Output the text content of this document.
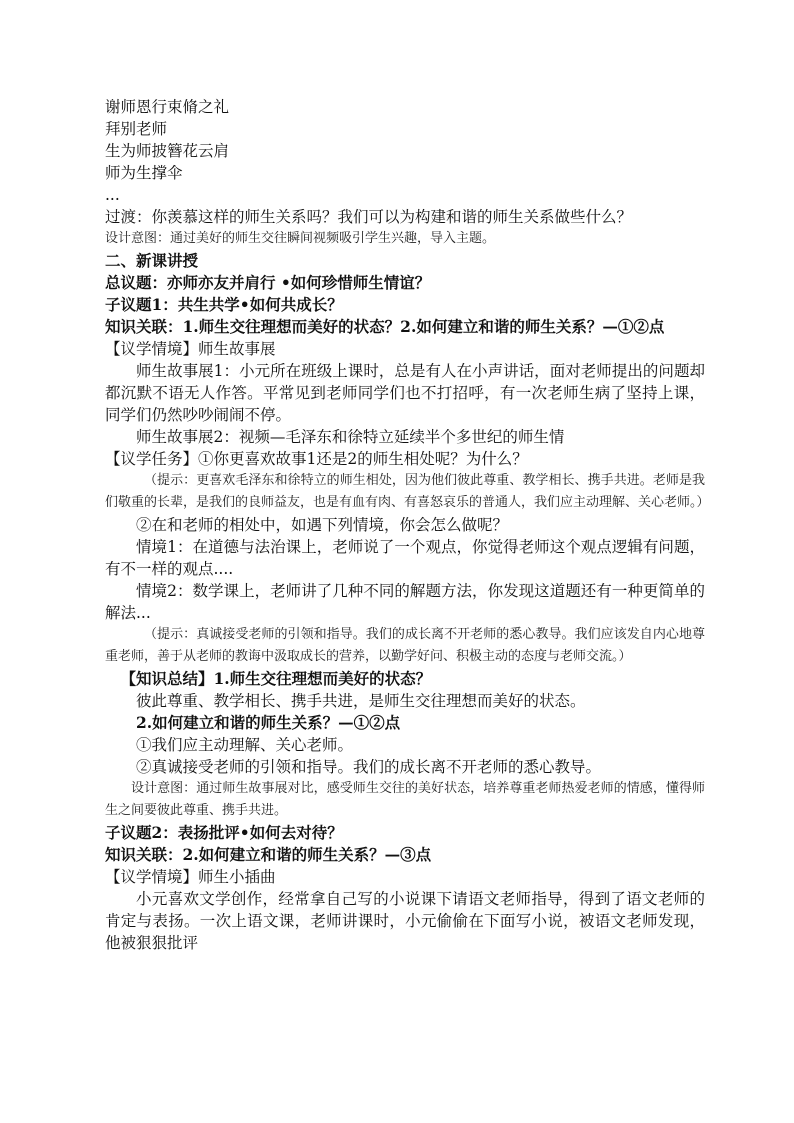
谢师恩行束脩之礼
拜别老师
生为师披簪花云肩
师为生撑伞
...
过渡：你羡慕这样的师生关系吗？我们可以为构建和谐的师生关系做些什么？
设计意图：通过美好的师生交往瞬间视频吸引学生兴趣，导入主题。
二、新课讲授
总议题：亦师亦友并肩行 •如何珍惜师生情谊？
子议题1：共生共学•如何共成长？
知识关联：1.师生交往理想而美好的状态？2.如何建立和谐的师生关系？—①②点
【议学情境】师生故事展
师生故事展1：小元所在班级上课时，总是有人在小声讲话，面对老师提出的问题却都沉默不语无人作答。平常见到老师同学们也不打招呼，有一次老师生病了坚持上课，同学们仍然吵吵闹闹不停。
师生故事展2：视频—毛泽东和徐特立延续半个多世纪的师生情
【议学任务】①你更喜欢故事1还是2的师生相处呢？为什么？
（提示：更喜欢毛泽东和徐特立的师生相处，因为他们彼此尊重、教学相长、携手共进。老师是我们敬重的长辈，是我们的良师益友，也是有血有肉、有喜怒哀乐的普通人，我们应主动理解、关心老师。）
②在和老师的相处中，如遇下列情境，你会怎么做呢？
情境1：在道德与法治课上，老师说了一个观点，你觉得老师这个观点逻辑有问题，有不一样的观点....
情境2：数学课上，老师讲了几种不同的解题方法，你发现这道题还有一种更简单的解法...
（提示：真诚接受老师的引领和指导。我们的成长离不开老师的悉心教导。我们应该发自内心地尊重老师，善于从老师的教诲中汲取成长的营养，以勤学好问、积极主动的态度与老师交流。）
【知识总结】1.师生交往理想而美好的状态？
彼此尊重、教学相长、携手共进，是师生交往理想而美好的状态。
2.如何建立和谐的师生关系？—①②点
①我们应主动理解、关心老师。
②真诚接受老师的引领和指导。我们的成长离不开老师的悉心教导。
设计意图：通过师生故事展对比，感受师生交往的美好状态，培养尊重老师热爱老师的情感，懂得师生之间要彼此尊重、携手共进。
子议题2：表扬批评•如何去对待？
知识关联：2.如何建立和谐的师生关系？—③点
【议学情境】师生小插曲
小元喜欢文学创作，经常拿自己写的小说课下请语文老师指导，得到了语文老师的肯定与表扬。一次上语文课，老师讲课时，小元偷偷在下面写小说，被语文老师发现，他被狠狠批评
